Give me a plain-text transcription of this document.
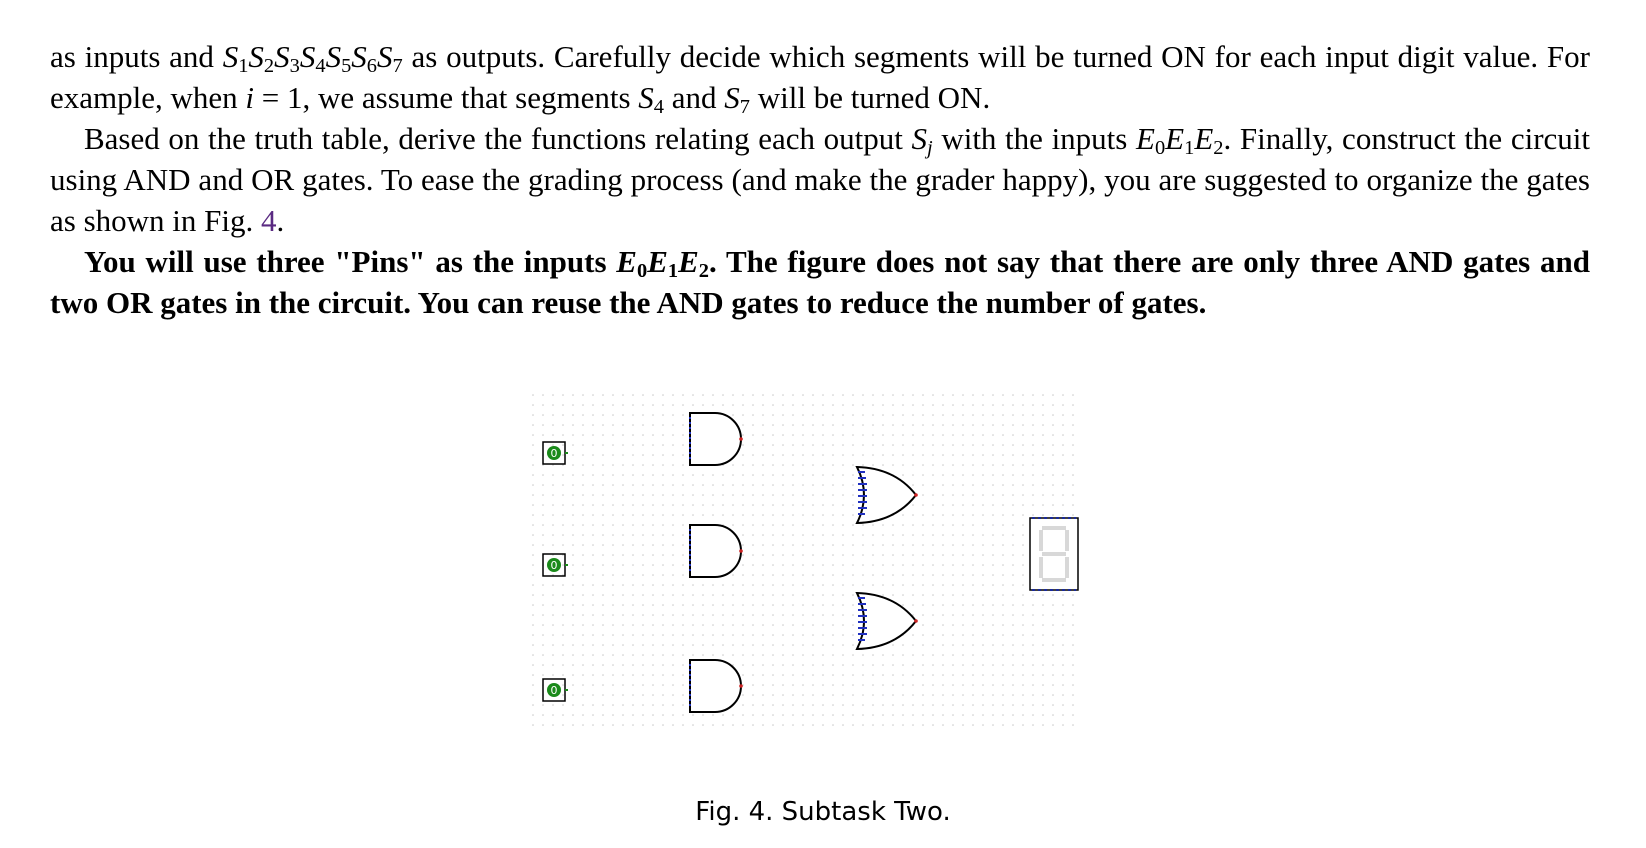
as inputs and $S_1S_2S_3S_4S_5S_6S_7$ as outputs. Carefully decide which segments will be turned ON for each input digit value. For example, when i = 1, we assume that segments $S_4$ and $S_7$ will be turned ON.

Based on the truth table, derive the functions relating each output $S_j$ with the inputs $E_0E_1E_2$. Finally, construct the circuit using AND and OR gates. To ease the grading process (and make the grader happy), you are suggested to organize the gates as shown in Fig. 4.

You will use three "Pins" as the inputs $E_0E_1E_2$. The figure does not say that there are only three AND gates and two OR gates in the circuit. You can reuse the AND gates to reduce the number of gates.

0
0
0
Fig. 4. Subtask Two.
